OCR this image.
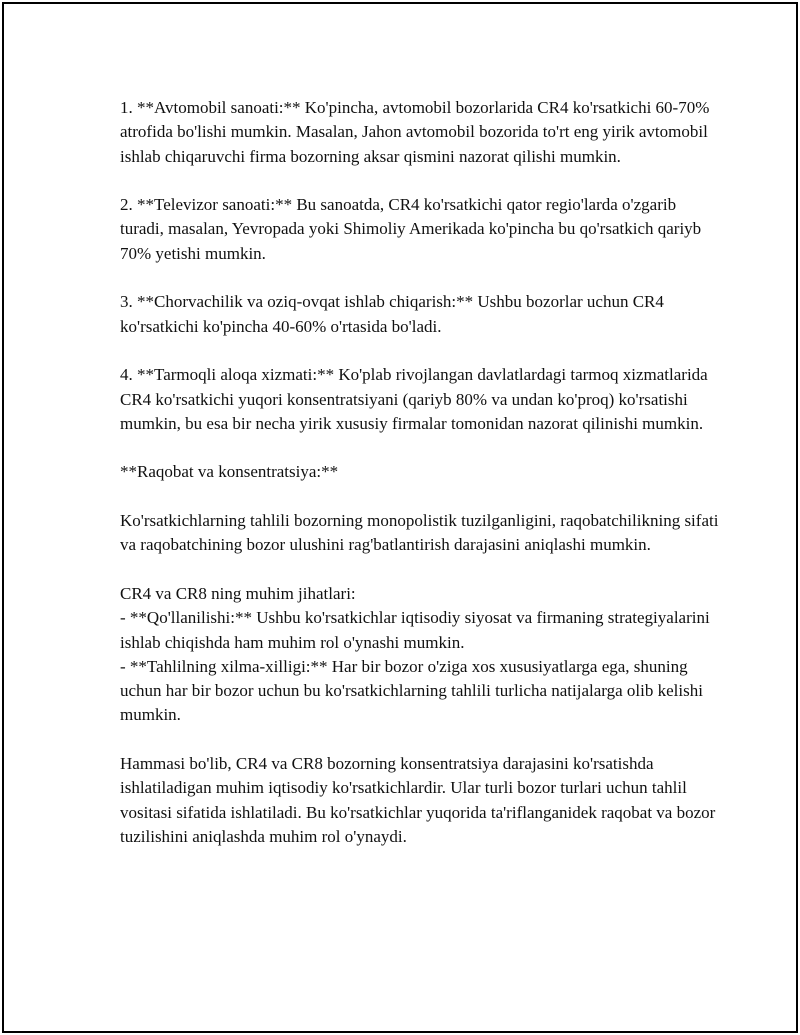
1. **Avtomobil sanoati:** Ko'pincha, avtomobil bozorlarida CR4 ko'rsatkichi 60-70% atrofida bo'lishi mumkin. Masalan, Jahon avtomobil bozorida to'rt eng yirik avtomobil ishlab chiqaruvchi firma bozorning aksar qismini nazorat qilishi mumkin.

2. **Televizor sanoati:** Bu sanoatda, CR4 ko'rsatkichi qator regio'larda o'zgarib turadi, masalan, Yevropada yoki Shimoliy Amerikada ko'pincha bu qo'rsatkich qariyb 70% yetishi mumkin.

3. **Chorvachilik va oziq-ovqat ishlab chiqarish:** Ushbu bozorlar uchun CR4 ko'rsatkichi ko'pincha 40-60% o'rtasida bo'ladi.

4. **Tarmoqli aloqa xizmati:** Ko'plab rivojlangan davlatlardagi tarmoq xizmatlarida CR4 ko'rsatkichi yuqori konsentratsiyani (qariyb 80% va undan ko'proq) ko'rsatishi mumkin, bu esa bir necha yirik xususiy firmalar tomonidan nazorat qilinishi mumkin.

**Raqobat va konsentratsiya:**

Ko'rsatkichlarning tahlili bozorning monopolistik tuzilganligini, raqobatchilikning sifati va raqobatchining bozor ulushini rag'batlantirish darajasini aniqlashi mumkin.

CR4 va CR8 ning muhim jihatlari:

- **Qo'llanilishi:** Ushbu ko'rsatkichlar iqtisodiy siyosat va firmaning strategiyalarini ishlab chiqishda ham muhim rol o'ynashi mumkin.

- **Tahlilning xilma-xilligi:** Har bir bozor o'ziga xos xususiyatlarga ega, shuning uchun har bir bozor uchun bu ko'rsatkichlarning tahlili turlicha natijalarga olib kelishi mumkin.

Hammasi bo'lib, CR4 va CR8 bozorning konsentratsiya darajasini ko'rsatishda ishlatiladigan muhim iqtisodiy ko'rsatkichlardir. Ular turli bozor turlari uchun tahlil vositasi sifatida ishlatiladi. Bu ko'rsatkichlar yuqorida ta'riflanganidek raqobat va bozor tuzilishini aniqlashda muhim rol o'ynaydi.
